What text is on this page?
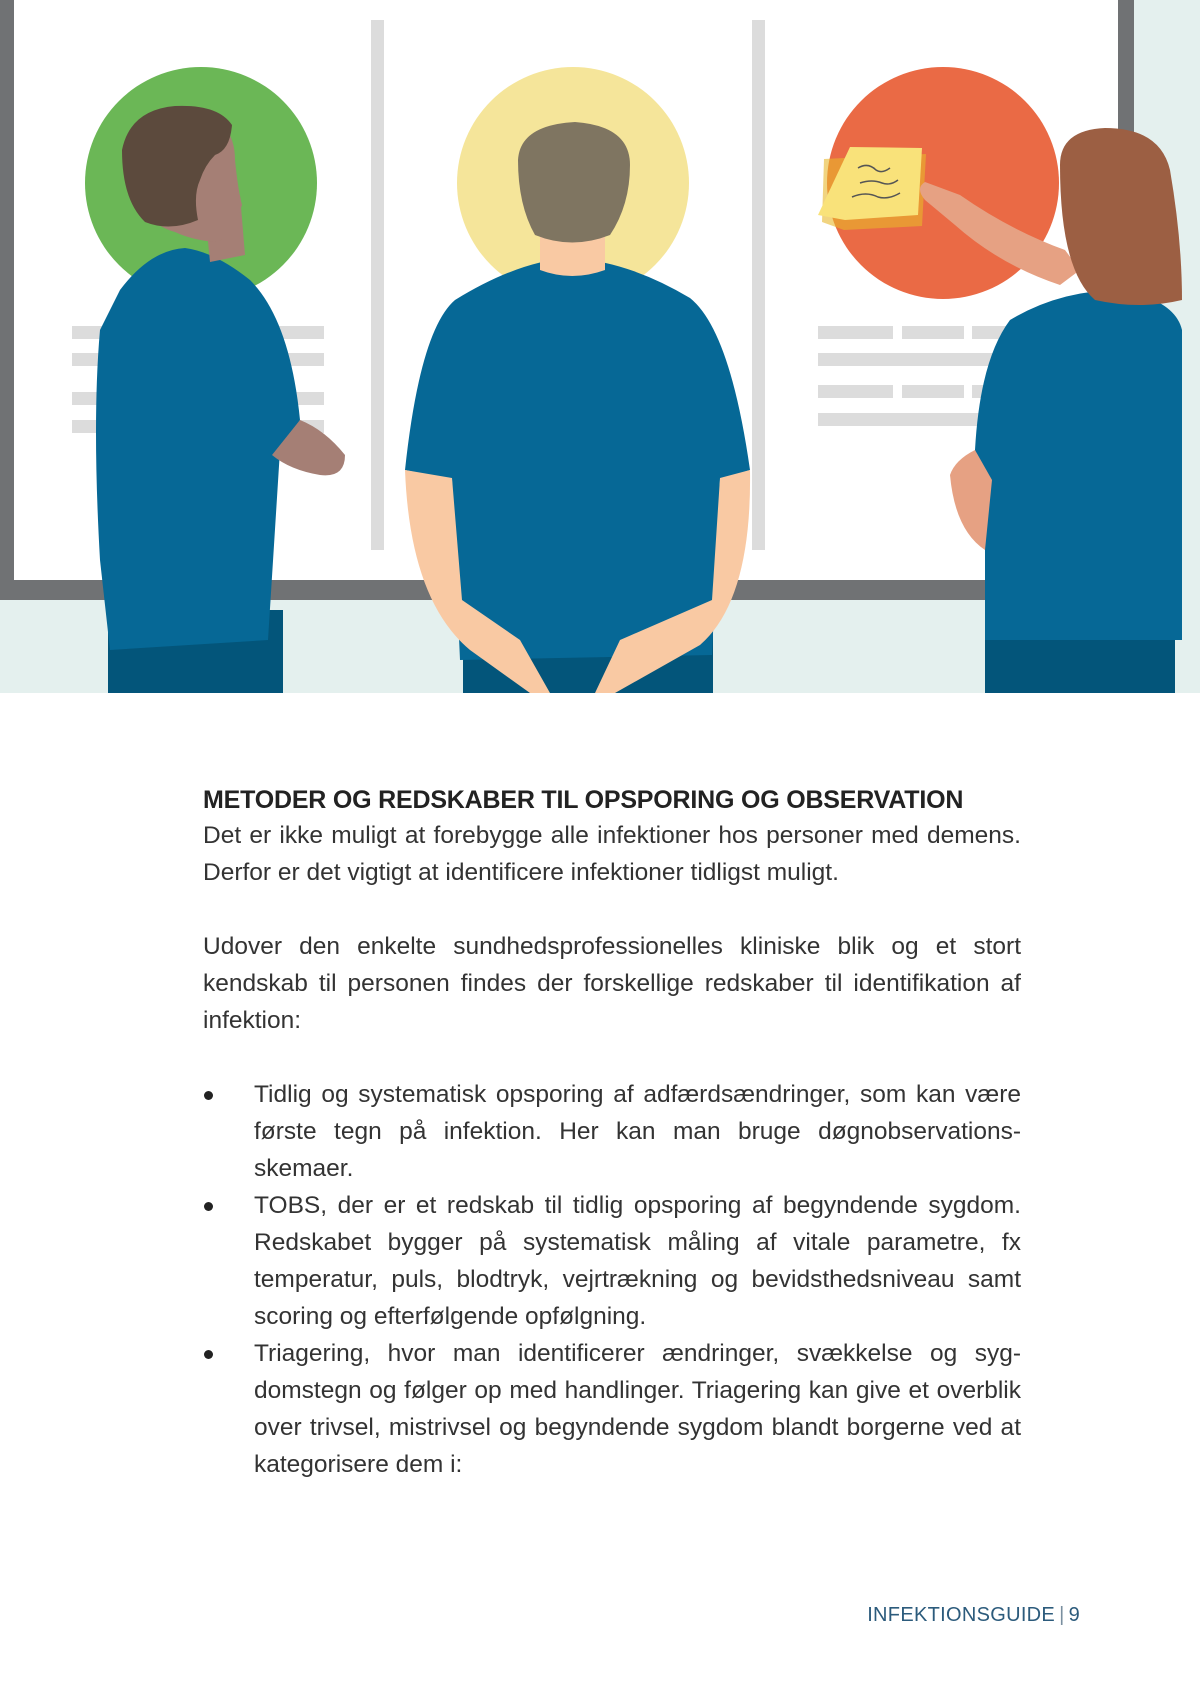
METODER OG REDSKABER TIL OPSPORING OG OBSERVATION

Det er ikke muligt at forebygge alle infektioner hos personer med demens. Derfor er det vigtigt at identificere infektioner tidligst muligt.

Udover den enkelte sundhedsprofessionelles kliniske blik og et stort kendskab til personen findes der forskellige redskaber til identifikation af infektion:

Tidlig og systematisk opsporing af adfærdsændringer, som kan være første tegn på infektion. Her kan man bruge døgnobservationsskemaer.
TOBS, der er et redskab til tidlig opsporing af begyndende sygdom. Redskabet bygger på systematisk måling af vitale parametre, fx temperatur, puls, blodtryk, vejrtrækning og bevidsthedsniveau samt scoring og efterfølgende opfølgning.
Triagering, hvor man identificerer ændringer, svækkelse og sygdomstegn og følger op med handlinger. Triagering kan give et overblik over trivsel, mistrivsel og begyndende sygdom blandt borgerne ved at kategorisere dem i:
INFEKTIONSGUIDE | 9
